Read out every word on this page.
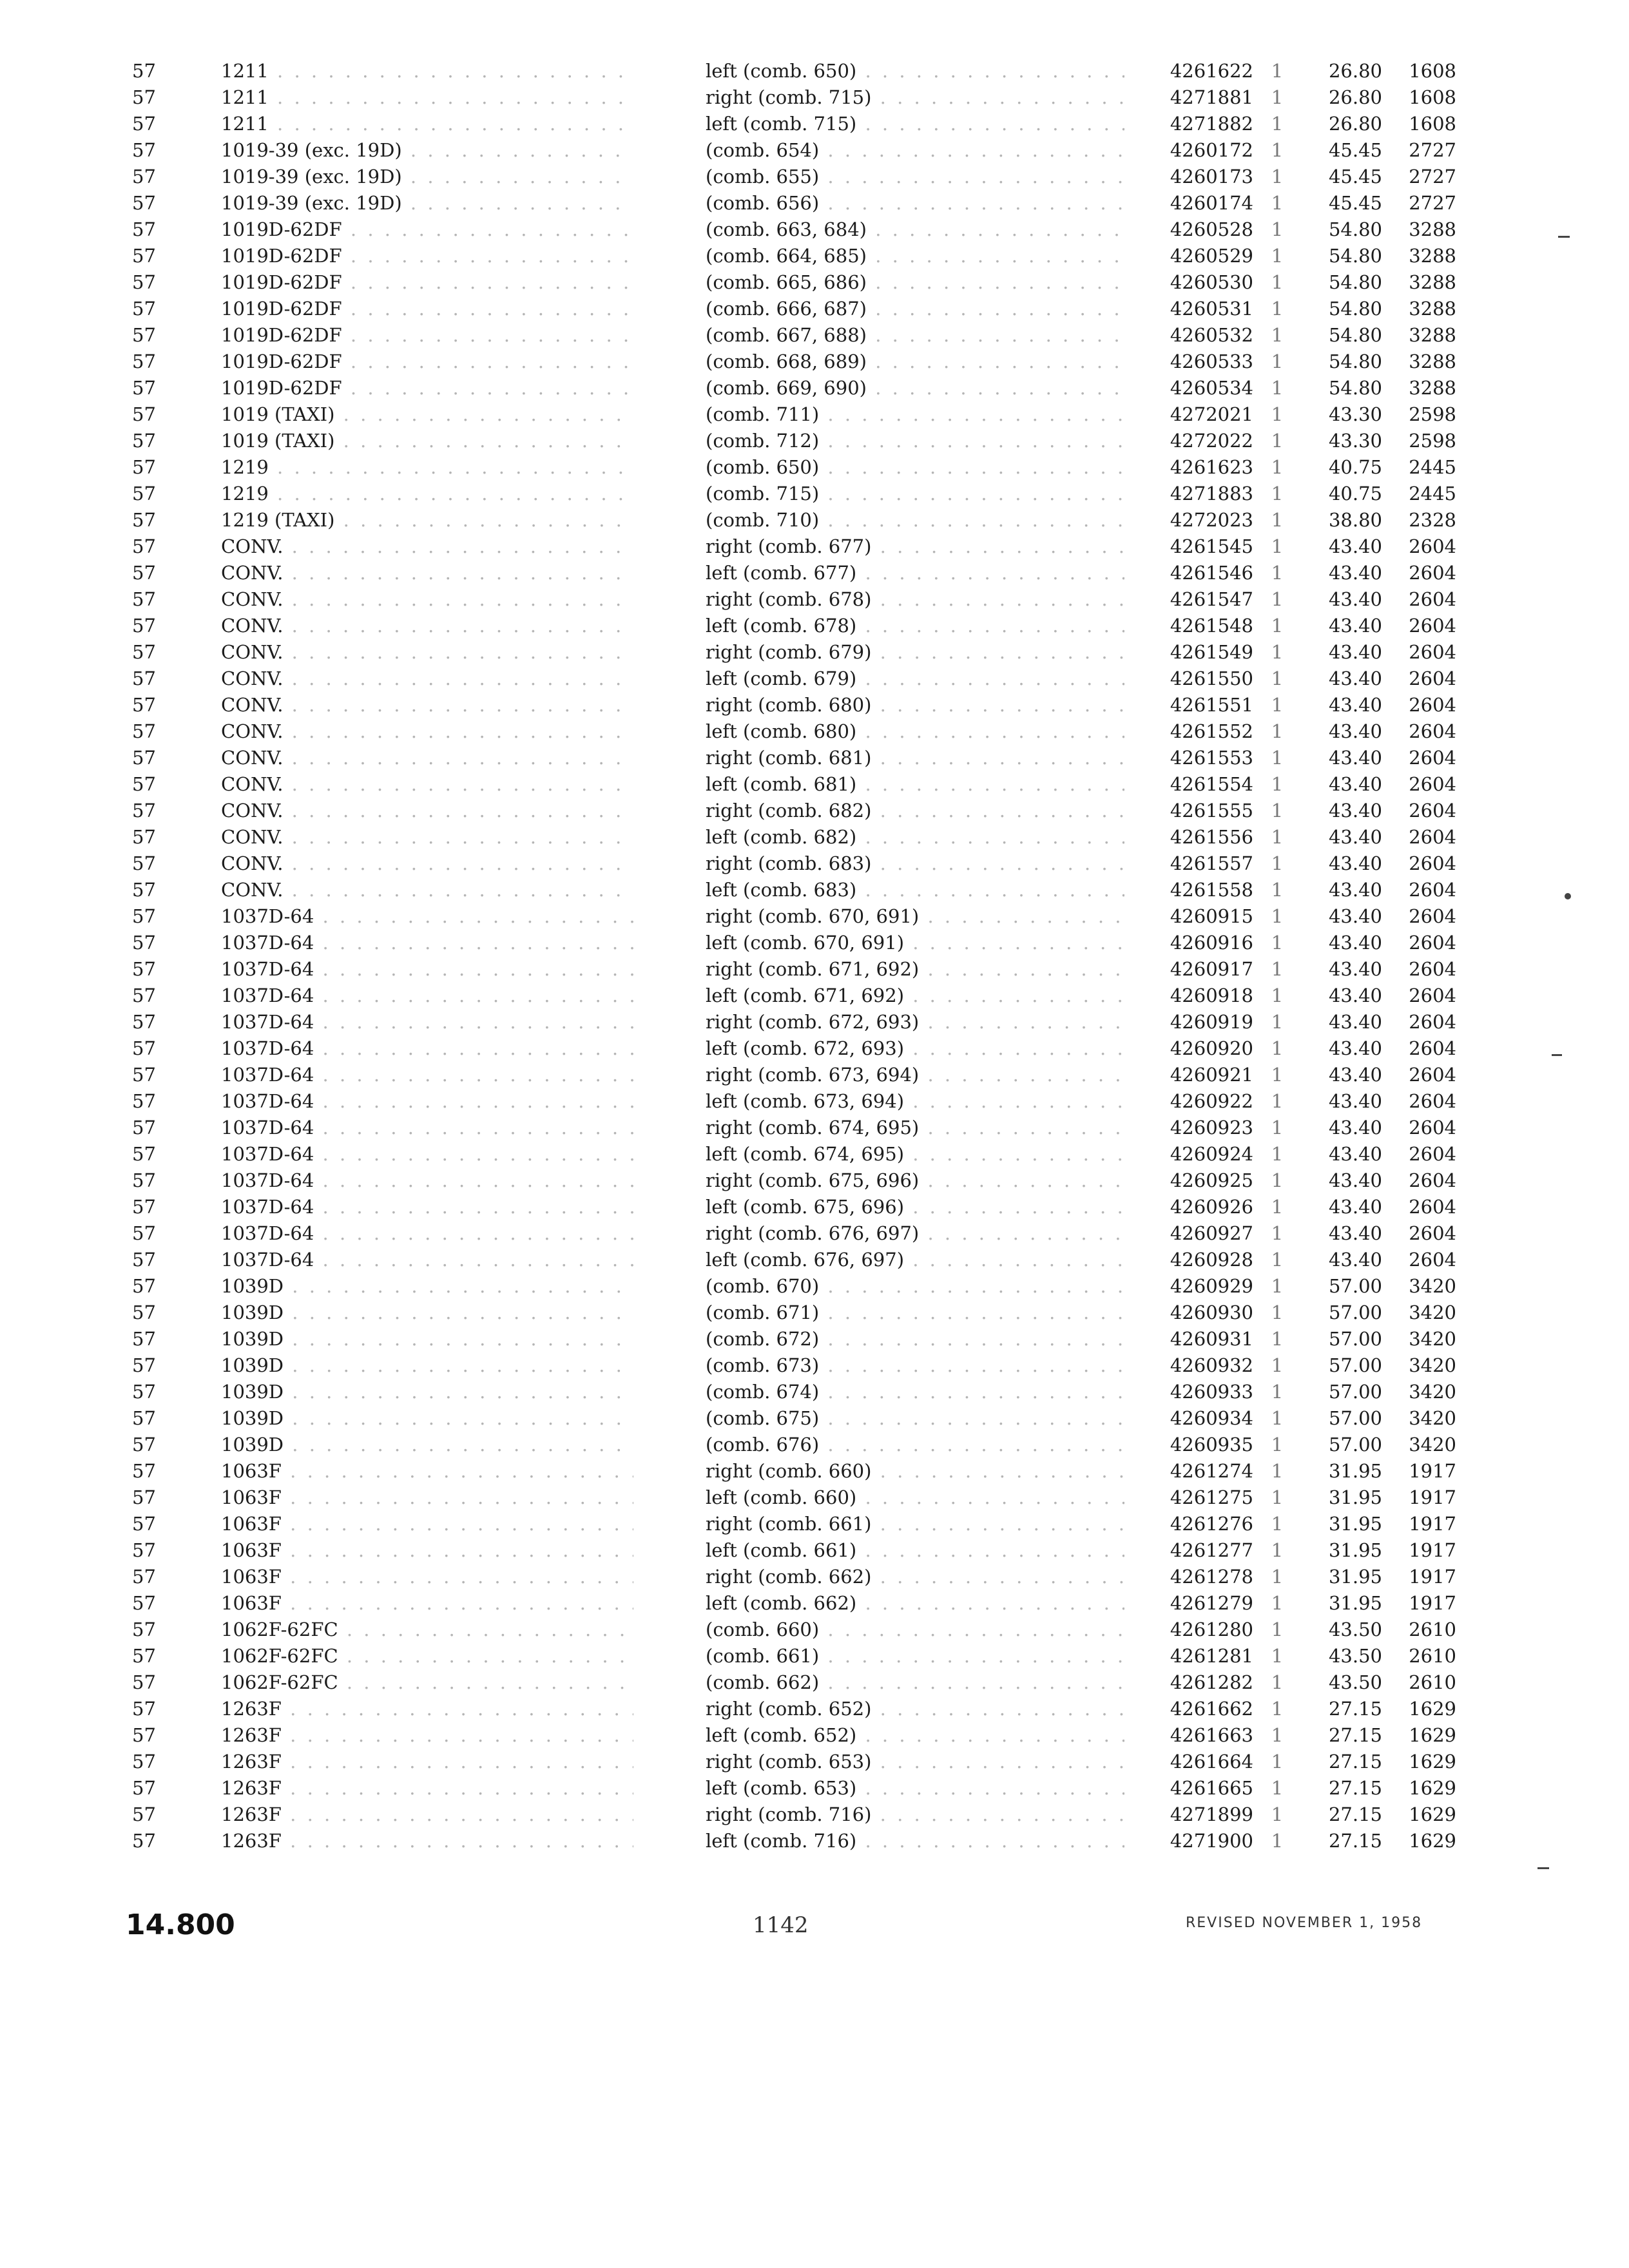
57	1211 . . .	left (comb. 650) . . .	4261622 1	26.80	1608
57	1211 . . .	right (comb. 715) . . .	4271881 1	26.80	1608
57	1211 . . .	left (comb. 715) . . .	4271882 1	26.80	1608
57	1019-39 (exc. 19D) . . .	(comb. 654) . . .	4260172 1	45.45	2727
57	1019-39 (exc. 19D) . . .	(comb. 655) . . .	4260173 1	45.45	2727
57	1019-39 (exc. 19D) . . .	(comb. 656) . . .	4260174 1	45.45	2727
57	1019D-62DF . . .	(comb. 663, 684) . . .	4260528 1	54.80	3288
57	1019D-62DF . . .	(comb. 664, 685) . . .	4260529 1	54.80	3288
57	1019D-62DF . . .	(comb. 665, 686) . . .	4260530 1	54.80	3288
57	1019D-62DF . . .	(comb. 666, 687) . . .	4260531 1	54.80	3288
57	1019D-62DF . . .	(comb. 667, 688) . . .	4260532 1	54.80	3288
57	1019D-62DF . . .	(comb. 668, 689) . . .	4260533 1	54.80	3288
57	1019D-62DF . . .	(comb. 669, 690) . . .	4260534 1	54.80	3288
57	1019 (TAXI) . . .	(comb. 711) . . .	4272021 1	43.30	2598
57	1019 (TAXI) . . .	(comb. 712) . . .	4272022 1	43.30	2598
57	1219 . . .	(comb. 650) . . .	4261623 1	40.75	2445
57	1219 . . .	(comb. 715) . . .	4271883 1	40.75	2445
57	1219 (TAXI) . . .	(comb. 710) . . .	4272023 1	38.80	2328
57	CONV. . . .	right (comb. 677) . . .	4261545 1	43.40	2604
57	CONV. . . .	left (comb. 677) . . .	4261546 1	43.40	2604
57	CONV. . . .	right (comb. 678) . . .	4261547 1	43.40	2604
57	CONV. . . .	left (comb. 678) . . .	4261548 1	43.40	2604
57	CONV. . . .	right (comb. 679) . . .	4261549 1	43.40	2604
57	CONV. . . .	left (comb. 679) . . .	4261550 1	43.40	2604
57	CONV. . . .	right (comb. 680) . . .	4261551 1	43.40	2604
57	CONV. . . .	left (comb. 680) . . .	4261552 1	43.40	2604
57	CONV. . . .	right (comb. 681) . . .	4261553 1	43.40	2604
57	CONV. . . .	left (comb. 681) . . .	4261554 1	43.40	2604
57	CONV. . . .	right (comb. 682) . . .	4261555 1	43.40	2604
57	CONV. . . .	left (comb. 682) . . .	4261556 1	43.40	2604
57	CONV. . . .	right (comb. 683) . . .	4261557 1	43.40	2604
57	CONV. . . .	left (comb. 683) . . .	4261558 1	43.40	2604
57	1037D-64 . . .	right (comb. 670, 691) . . .	4260915 1	43.40	2604
57	1037D-64 . . .	left (comb. 670, 691) . . .	4260916 1	43.40	2604
57	1037D-64 . . .	right (comb. 671, 692) . . .	4260917 1	43.40	2604
57	1037D-64 . . .	left (comb. 671, 692) . . .	4260918 1	43.40	2604
57	1037D-64 . . .	right (comb. 672, 693) . . .	4260919 1	43.40	2604
57	1037D-64 . . .	left (comb. 672, 693) . . .	4260920 1	43.40	2604
57	1037D-64 . . .	right (comb. 673, 694) . . .	4260921 1	43.40	2604
57	1037D-64 . . .	left (comb. 673, 694) . . .	4260922 1	43.40	2604
57	1037D-64 . . .	right (comb. 674, 695) . . .	4260923 1	43.40	2604
57	1037D-64 . . .	left (comb. 674, 695) . . .	4260924 1	43.40	2604
57	1037D-64 . . .	right (comb. 675, 696) . . .	4260925 1	43.40	2604
57	1037D-64 . . .	left (comb. 675, 696) . . .	4260926 1	43.40	2604
57	1037D-64 . . .	right (comb. 676, 697) . . .	4260927 1	43.40	2604
57	1037D-64 . . .	left (comb. 676, 697) . . .	4260928 1	43.40	2604
57	1039D . . .	(comb. 670) . . .	4260929 1	57.00	3420
57	1039D . . .	(comb. 671) . . .	4260930 1	57.00	3420
57	1039D . . .	(comb. 672) . . .	4260931 1	57.00	3420
57	1039D . . .	(comb. 673) . . .	4260932 1	57.00	3420
57	1039D . . .	(comb. 674) . . .	4260933 1	57.00	3420
57	1039D . . .	(comb. 675) . . .	4260934 1	57.00	3420
57	1039D . . .	(comb. 676) . . .	4260935 1	57.00	3420
57	1063F . . .	right (comb. 660) . . .	4261274 1	31.95	1917
57	1063F . . .	left (comb. 660) . . .	4261275 1	31.95	1917
57	1063F . . .	right (comb. 661) . . .	4261276 1	31.95	1917
57	1063F . . .	left (comb. 661) . . .	4261277 1	31.95	1917
57	1063F . . .	right (comb. 662) . . .	4261278 1	31.95	1917
57	1063F . . .	left (comb. 662) . . .	4261279 1	31.95	1917
57	1062F-62FC . . .	(comb. 660) . . .	4261280 1	43.50	2610
57	1062F-62FC . . .	(comb. 661) . . .	4261281 1	43.50	2610
57	1062F-62FC . . .	(comb. 662) . . .	4261282 1	43.50	2610
57	1263F . . .	right (comb. 652) . . .	4261662 1	27.15	1629
57	1263F . . .	left (comb. 652) . . .	4261663 1	27.15	1629
57	1263F . . .	right (comb. 653) . . .	4261664 1	27.15	1629
57	1263F . . .	left (comb. 653) . . .	4261665 1	27.15	1629
57	1263F . . .	right (comb. 716) . . .	4271899 1	27.15	1629
57	1263F . . .	left (comb. 716) . . .	4271900 1	27.15	1629
14.800	1142	REVISED NOVEMBER 1, 1958
